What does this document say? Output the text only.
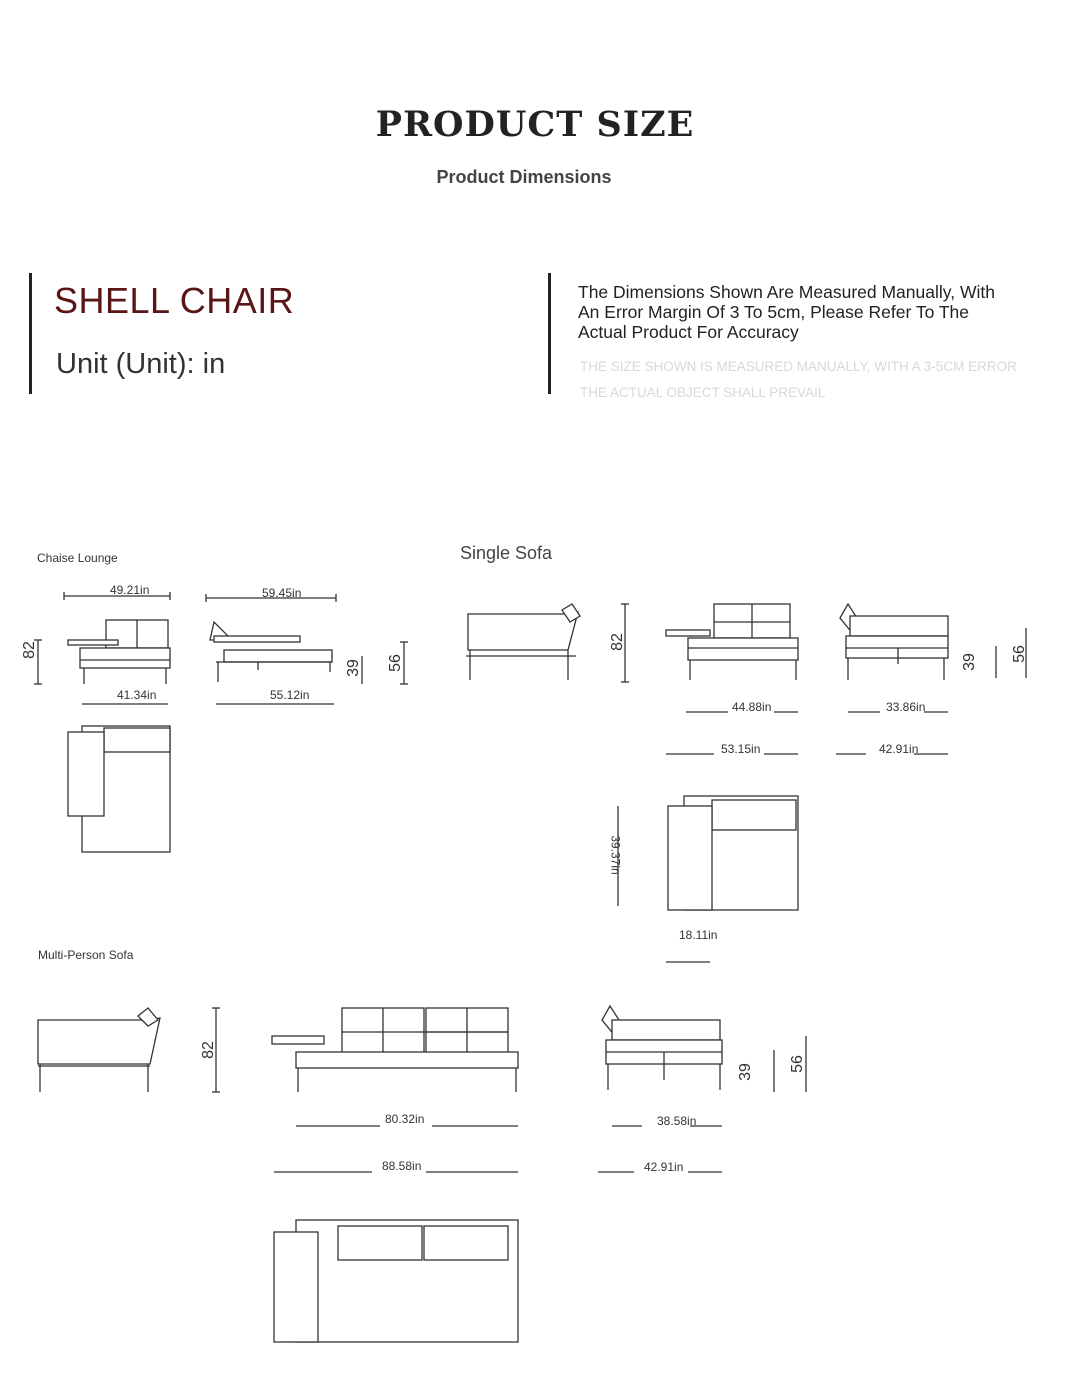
PRODUCT SIZE
Product Dimensions
SHELL CHAIR
Unit (Unit): in
The Dimensions Shown Are Measured Manually, With An Error Margin Of 3 To 5cm, Please Refer To The Actual Product For Accuracy
THE SIZE SHOWN IS MEASURED MANUALLY, WITH A 3-5CM ERROR
THE ACTUAL OBJECT SHALL PREVAIL
Chaise Lounge	Single Sofa
Multi-Person Sofa
82
39 56
82
39 56
82
39 56
49.21in	59.45in
41.34in	55.12in
44.88in	33.86in
53.15in	42.91in
39.37in
18.11in
80.32in
88.58in
38.58in
42.91in
